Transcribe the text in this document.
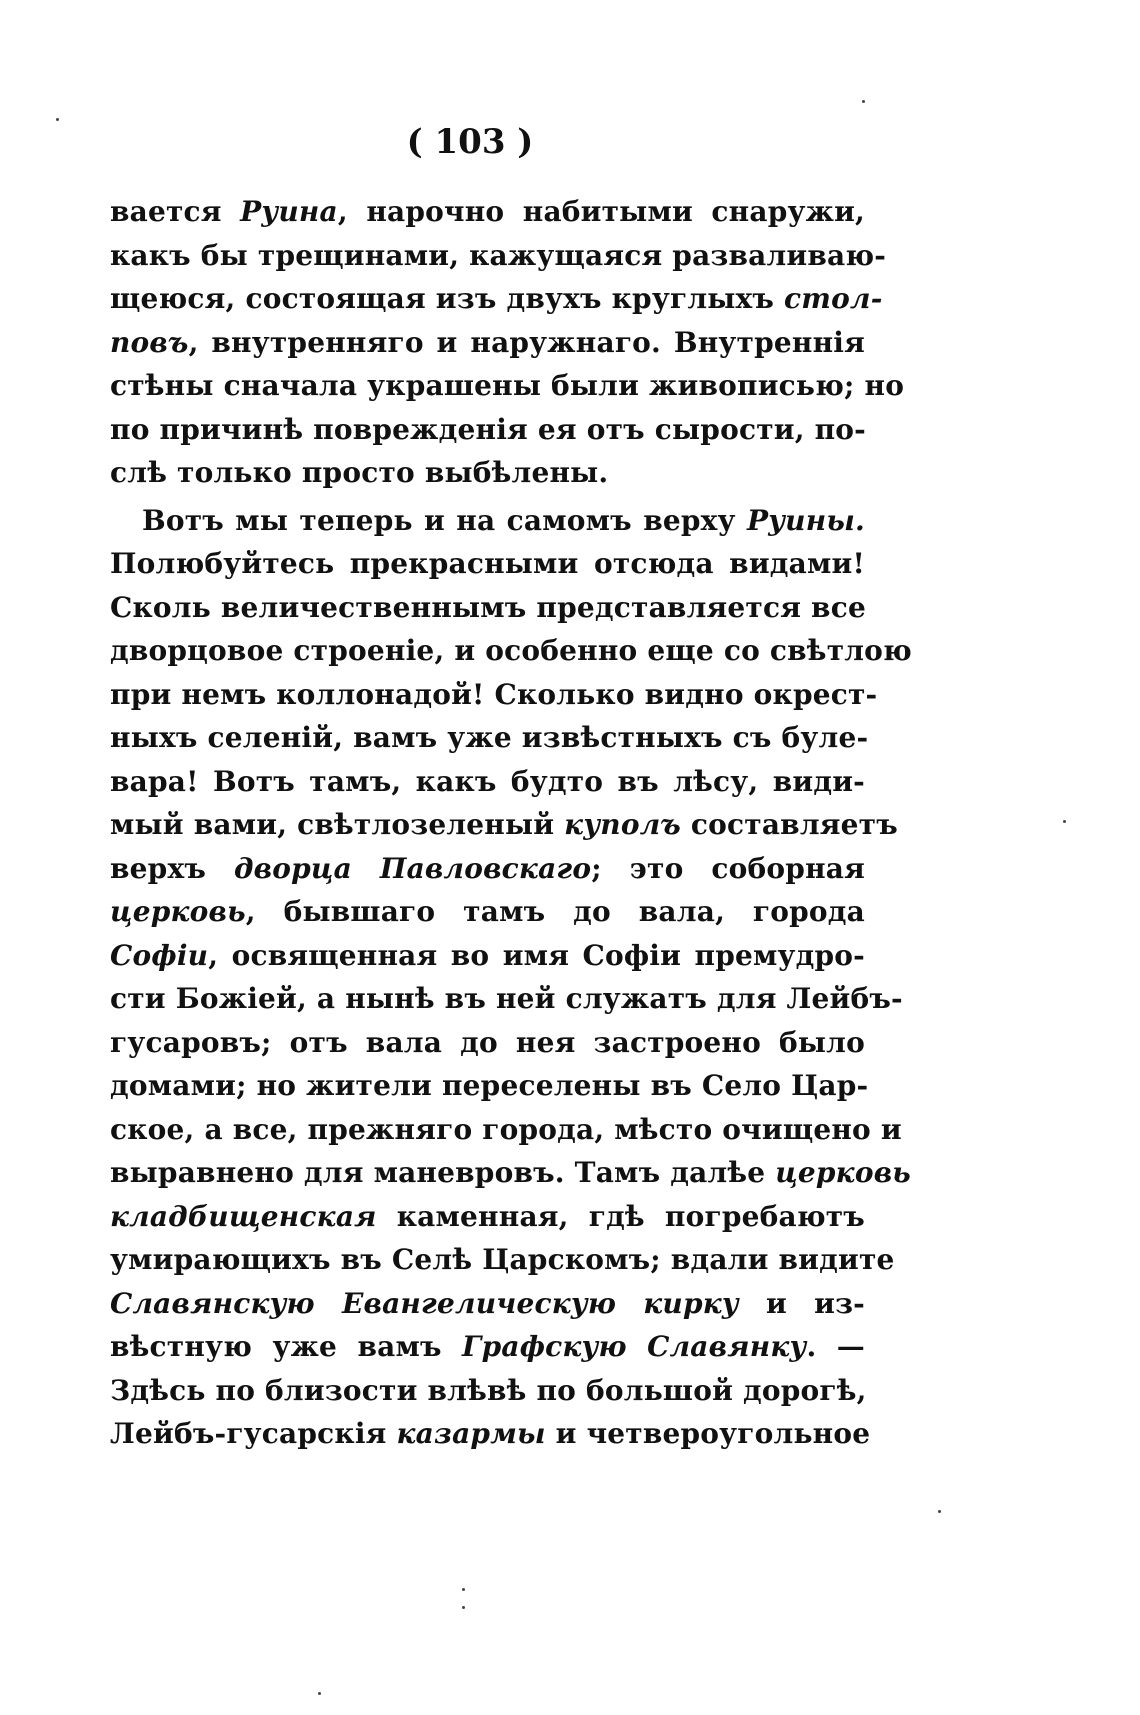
( 103 )
вается Руина, нарочно набитыми снаружи,
какъ бы трещинами, кажущаяся разваливаю-
щеюся, состоящая изъ двухъ круглыхъ стол-
повъ, внутренняго и наружнаго. Внутреннія
стѣны сначала украшены были живописью; но
по причинѣ поврежденія ея отъ сырости, по-
слѣ только просто выбѣлены.
Вотъ мы теперь и на самомъ верху Руины.
Полюбуйтесь прекрасными отсюда видами!
Сколь величественнымъ представляется все
дворцовое строеніе, и особенно еще со свѣтлою
при немъ коллонадой! Сколько видно окрест-
ныхъ селеній, вамъ уже извѣстныхъ съ буле-
вара! Вотъ тамъ, какъ будто въ лѣсу, види-
мый вами, свѣтлозеленый куполъ составляетъ
верхъ дворца Павловскаго; это соборная
церковь, бывшаго тамъ до вала, города
Софіи, освященная во имя Софіи премудро-
сти Божіей, а нынѣ въ ней служатъ для Лейбъ-
гусаровъ; отъ вала до нея застроено было
домами; но жители переселены въ Село Цар-
ское, а все, прежняго города, мѣсто очищено и
выравнено для маневровъ. Тамъ далѣе церковь
кладбищенская каменная, гдѣ погребаютъ
умирающихъ въ Селѣ Царскомъ; вдали видите
Славянскую Евангелическую кирку и из-
вѣстную уже вамъ Графскую Славянку. —
Здѣсь по близости влѣвѣ по большой дорогѣ,
Лейбъ-гусарскія казармы и четвероугольное
